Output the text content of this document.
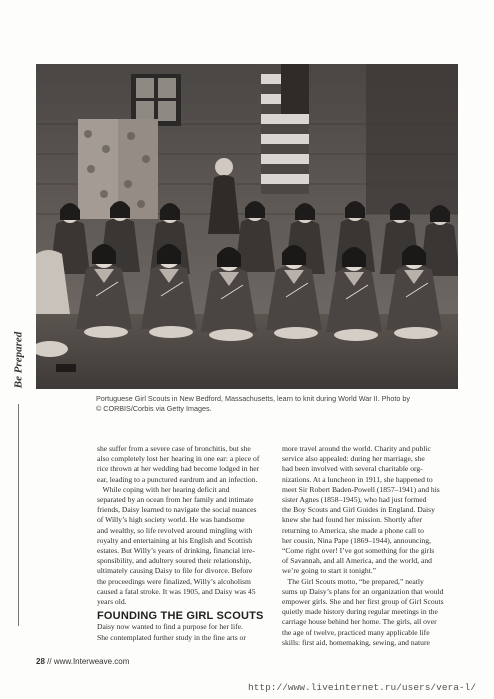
Be Prepared

Portuguese Girl Scouts in New Bedford, Massachusetts, learn to knit during World War II. Photo by

© CORBIS/Corbis via Getty Images.

she suffer from a severe case of bronchitis, but she

also completely lost her hearing in one ear: a piece of

rice thrown at her wedding had become lodged in her

ear, leading to a punctured eardrum and an infection.

While coping with her hearing deficit and

separated by an ocean from her family and intimate

friends, Daisy learned to navigate the social nuances

of Willy’s high society world. He was handsome

and wealthy, so life revolved around mingling with

royalty and entertaining at his English and Scottish

estates. But Willy’s years of drinking, financial irre-

sponsibility, and adultery soured their relationship,

ultimately causing Daisy to file for divorce. Before

the proceedings were finalized, Willy’s alcoholism

caused a fatal stroke. It was 1905, and Daisy was 45

years old.

FOUNDING THE GIRL SCOUTS

Daisy now wanted to find a purpose for her life.

She contemplated further study in the fine arts or

more travel around the world. Charity and public

service also appealed: during her marriage, she

had been involved with several charitable org-

nizations. At a luncheon in 1911, she happened to

meet Sir Robert Baden-Powell (1857–1941) and his

sister Agnes (1858–1945), who had just formed

the Boy Scouts and Girl Guides in England. Daisy

knew she had found her mission. Shortly after

returning to America, she made a phone call to

her cousin, Nina Pape (1869–1944), announcing,

“Come right over! I’ve got something for the girls

of Savannah, and all America, and the world, and

we’re going to start it tonight.”

The Girl Scouts motto, “be prepared,” neatly

sums up Daisy’s plans for an organization that would

empower girls. She and her first group of Girl Scouts

quietly made history during regular meetings in the

carriage house behind her home. The girls, all over

the age of twelve, practiced many applicable life

skills: first aid, homemaking, sewing, and nature

28 // www.Interweave.com
http://www.liveinternet.ru/users/vera-l/
